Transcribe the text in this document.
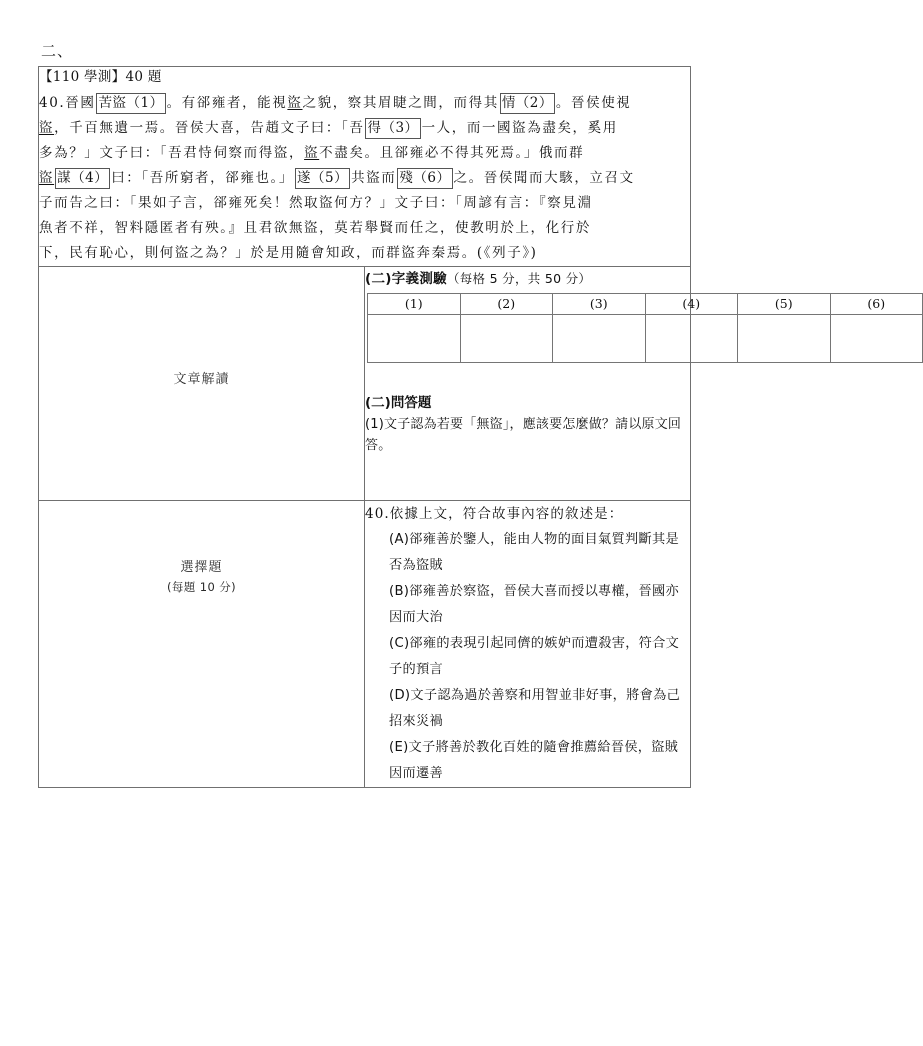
二、
【110 學測】40 題
40.晉國 苦盜（1） 。有郤雍者，能視盜之貌，察其眉睫之間，而得其 情（2） 。晉侯使視
盜，千百無遺一焉。晉侯大喜，告趙文子曰：「吾 得（3） 一人，而一國盜為盡矣，奚用
多為？」文子曰：「吾君恃伺察而得盜，盜不盡矣。且郤雍必不得其死焉。」俄而群
盜 謀（4） 曰：「吾所窮者，郤雍也。」 遂（5） 共盜而 殘（6） 之。晉侯聞而大駭，立召文
子而告之曰：「果如子言，郤雍死矣！然取盜何方？」文子曰：「周諺有言：『察見淵
魚者不祥，智料隱匿者有殃。』且君欲無盜，莫若舉賢而任之，使教明於上，化行於
下，民有恥心，則何盜之為？」於是用隨會知政，而群盜奔秦焉。(《列子》)

文章解讀

(二)字義測驗（每格 5 分，共 50 分）
(1)	(2)	(3)	(4)	(5)	(6)

(二)問答題
(1)文子認為若要「無盜」，應該要怎麼做？請以原文回答。

選擇題
(每題 10 分)

40.依據上文，符合故事內容的敘述是：
(A)郤雍善於鑒人，能由人物的面目氣質判斷其是否為盜賊
(B)郤雍善於察盜，晉侯大喜而授以專權，晉國亦因而大治
(C)郤雍的表現引起同儕的嫉妒而遭殺害，符合文子的預言
(D)文子認為過於善察和用智並非好事，將會為己招來災禍
(E)文子將善於教化百姓的隨會推薦給晉侯，盜賊因而遷善
